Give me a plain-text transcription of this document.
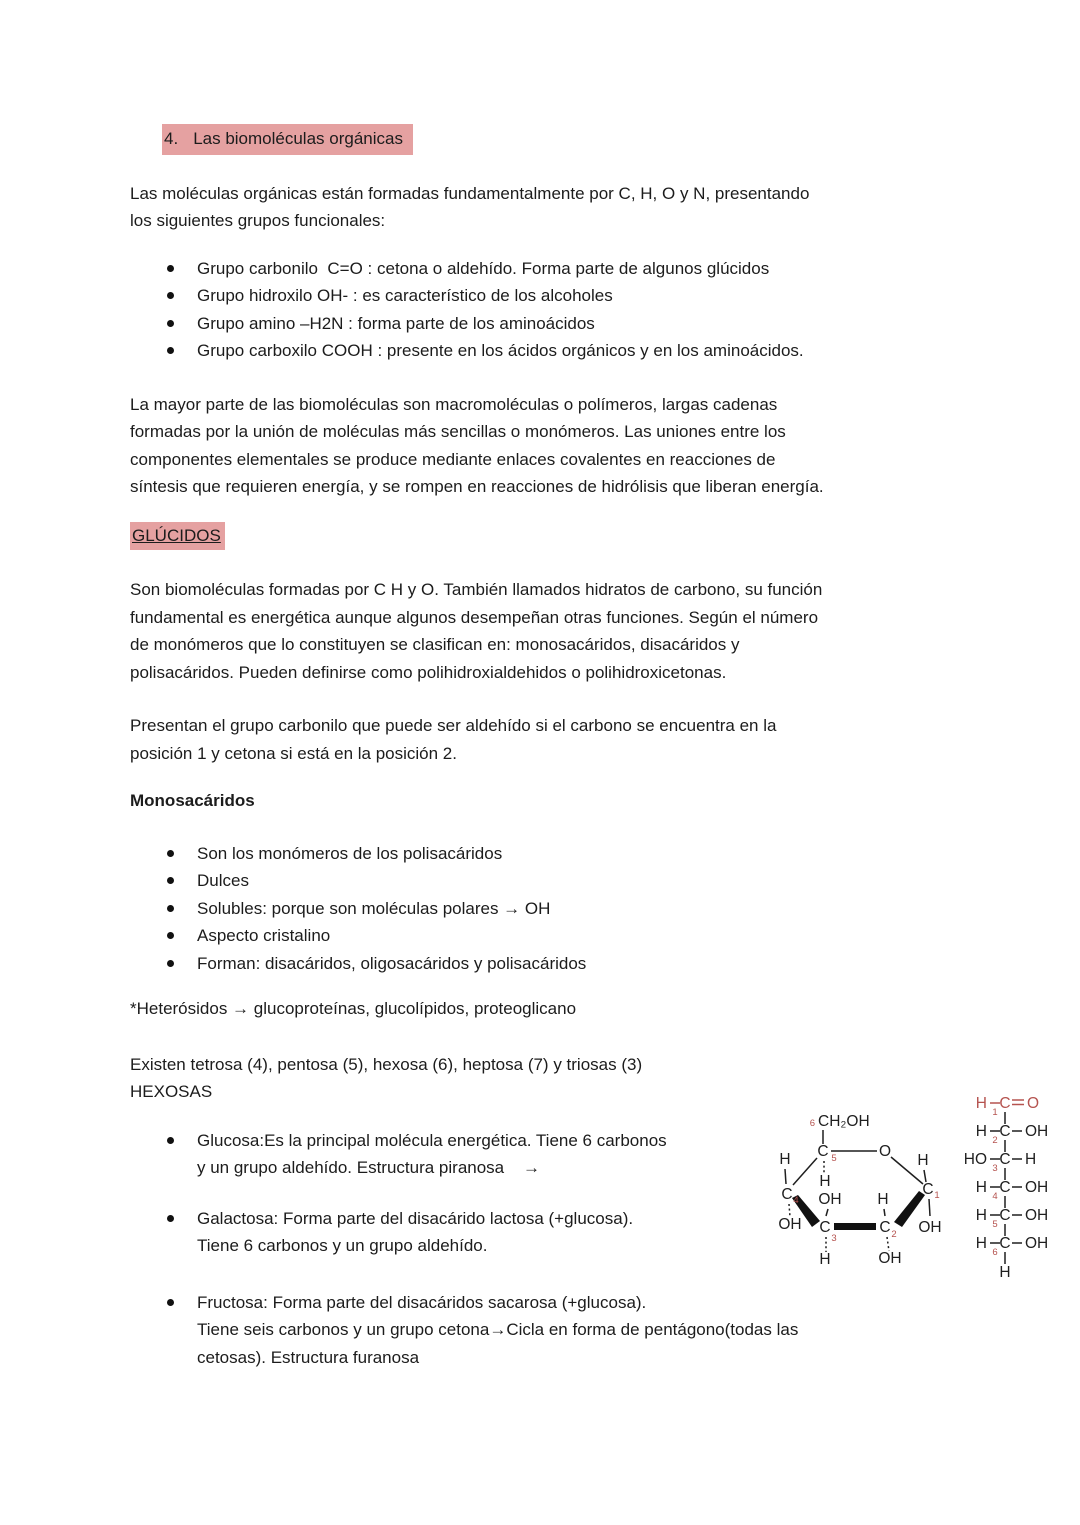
4. Las biomoléculas orgánicas
Las moléculas orgánicas están formadas fundamentalmente por C, H, O y N, presentando
los siguientes grupos funcionales:
Grupo carbonilo  C=O : cetona o aldehído. Forma parte de algunos glúcidos
Grupo hidroxilo OH- : es característico de los alcoholes
Grupo amino –H2N : forma parte de los aminoácidos
Grupo carboxilo COOH : presente en los ácidos orgánicos y en los aminoácidos.
La mayor parte de las biomoléculas son macromoléculas o polímeros, largas cadenas
formadas por la unión de moléculas más sencillas o monómeros. Las uniones entre los
componentes elementales se produce mediante enlaces covalentes en reacciones de
síntesis que requieren energía, y se rompen en reacciones de hidrólisis que liberan energía.
GLÚCIDOS
Son biomoléculas formadas por C H y O. También llamados hidratos de carbono, su función
fundamental es energética aunque algunos desempeñan otras funciones. Según el número
de monómeros que lo constituyen se clasifican en: monosacáridos, disacáridos y
polisacáridos. Pueden definirse como polihidroxialdehidos o polihidroxicetonas.
Presentan el grupo carbonilo que puede ser aldehído si el carbono se encuentra en la
posición 1 y cetona si está en la posición 2.
Monosacáridos
Son los monómeros de los polisacáridos
Dulces
Solubles: porque son moléculas polares → OH
Aspecto cristalino
Forman: disacáridos, oligosacáridos y polisacáridos
*Heterósidos → glucoproteínas, glucolípidos, proteoglicano
Existen tetrosa (4), pentosa (5), hexosa (6), heptosa (7) y triosas (3)
HEXOSAS
Glucosa:Es la principal molécula energética. Tiene 6 carbonos
y un grupo aldehído. Estructura piranosa    →
Galactosa: Forma parte del disacárido lactosa (+glucosa).
Tiene 6 carbonos y un grupo aldehído.
Fructosa: Forma parte del disacáridos sacarosa (+glucosa).
Tiene seis carbonos y un grupo cetona→Cicla en forma de pentágono(todas las
cetosas). Estructura furanosa
6 CH₂OH
C 5	O
H	H
C 4
C 1
H
OH H
OH C
3
C 2 OH
H	OH
H
1
C O
H
2
C OH
HO
3
C H
H
4
C OH
H
5
C OH
H
6
C OH
H
